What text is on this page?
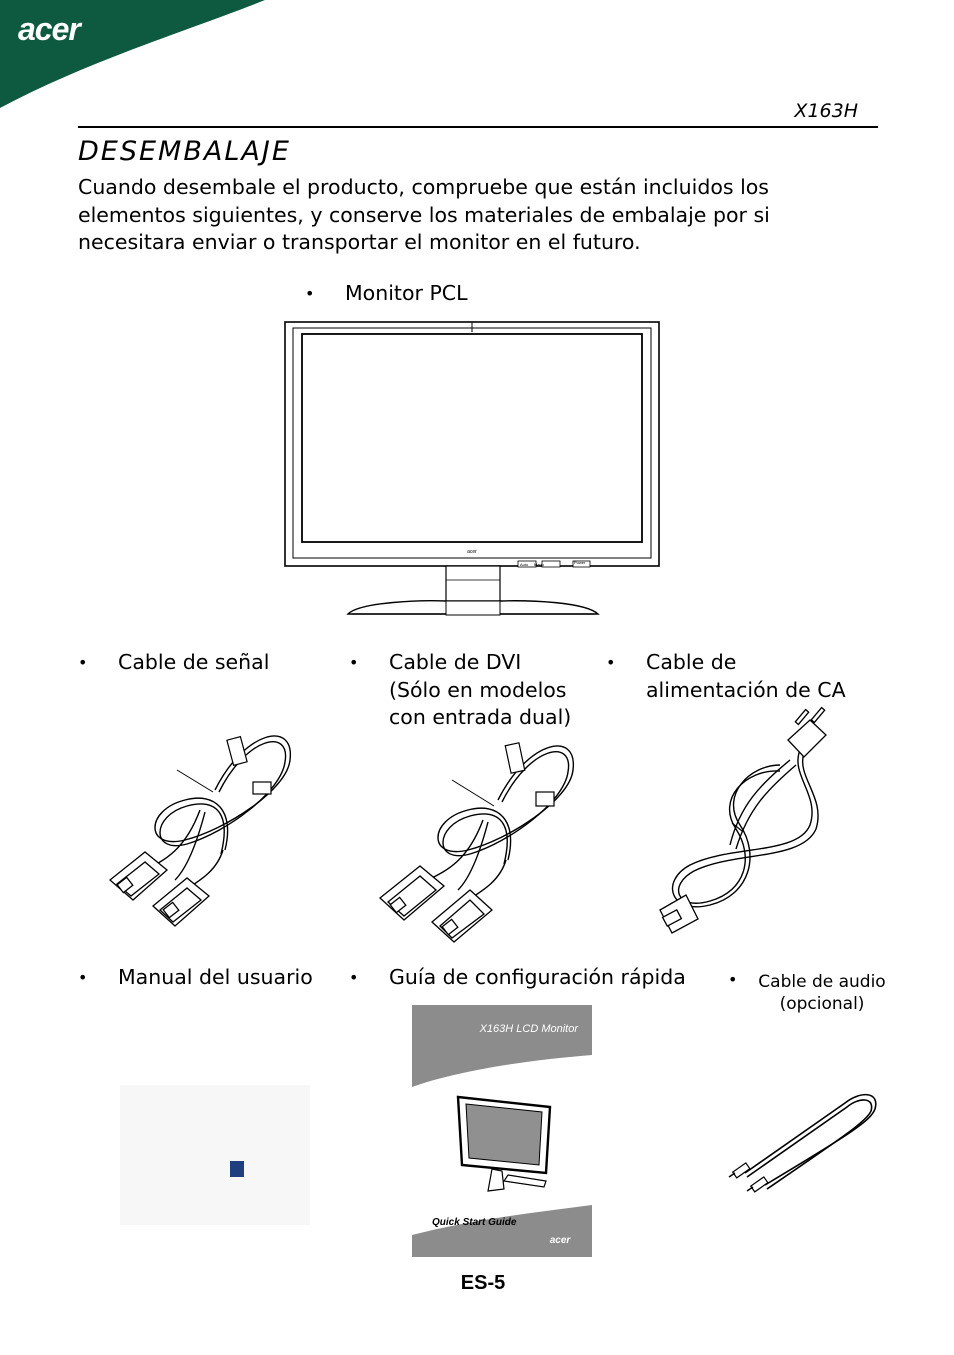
acer
X163H
DESEMBALAJE
Cuando desembale el producto, compruebe que están incluidos los elementos siguientes, y conserve los materiales de embalaje por si necesitara enviar o transportar el monitor en el futuro.
• Monitor PCL
acer
Auto Menu	Power
• Cable de señal	• Cable de DVI
(Sólo en modelos
con entrada dual)
• Cable de
alimentación de CA
• Manual del usuario • Guía de configuración rápida	•	Cable de audio
(opcional)
X163H LCD Monitor
Quick Start Guide
acer
ES-5
